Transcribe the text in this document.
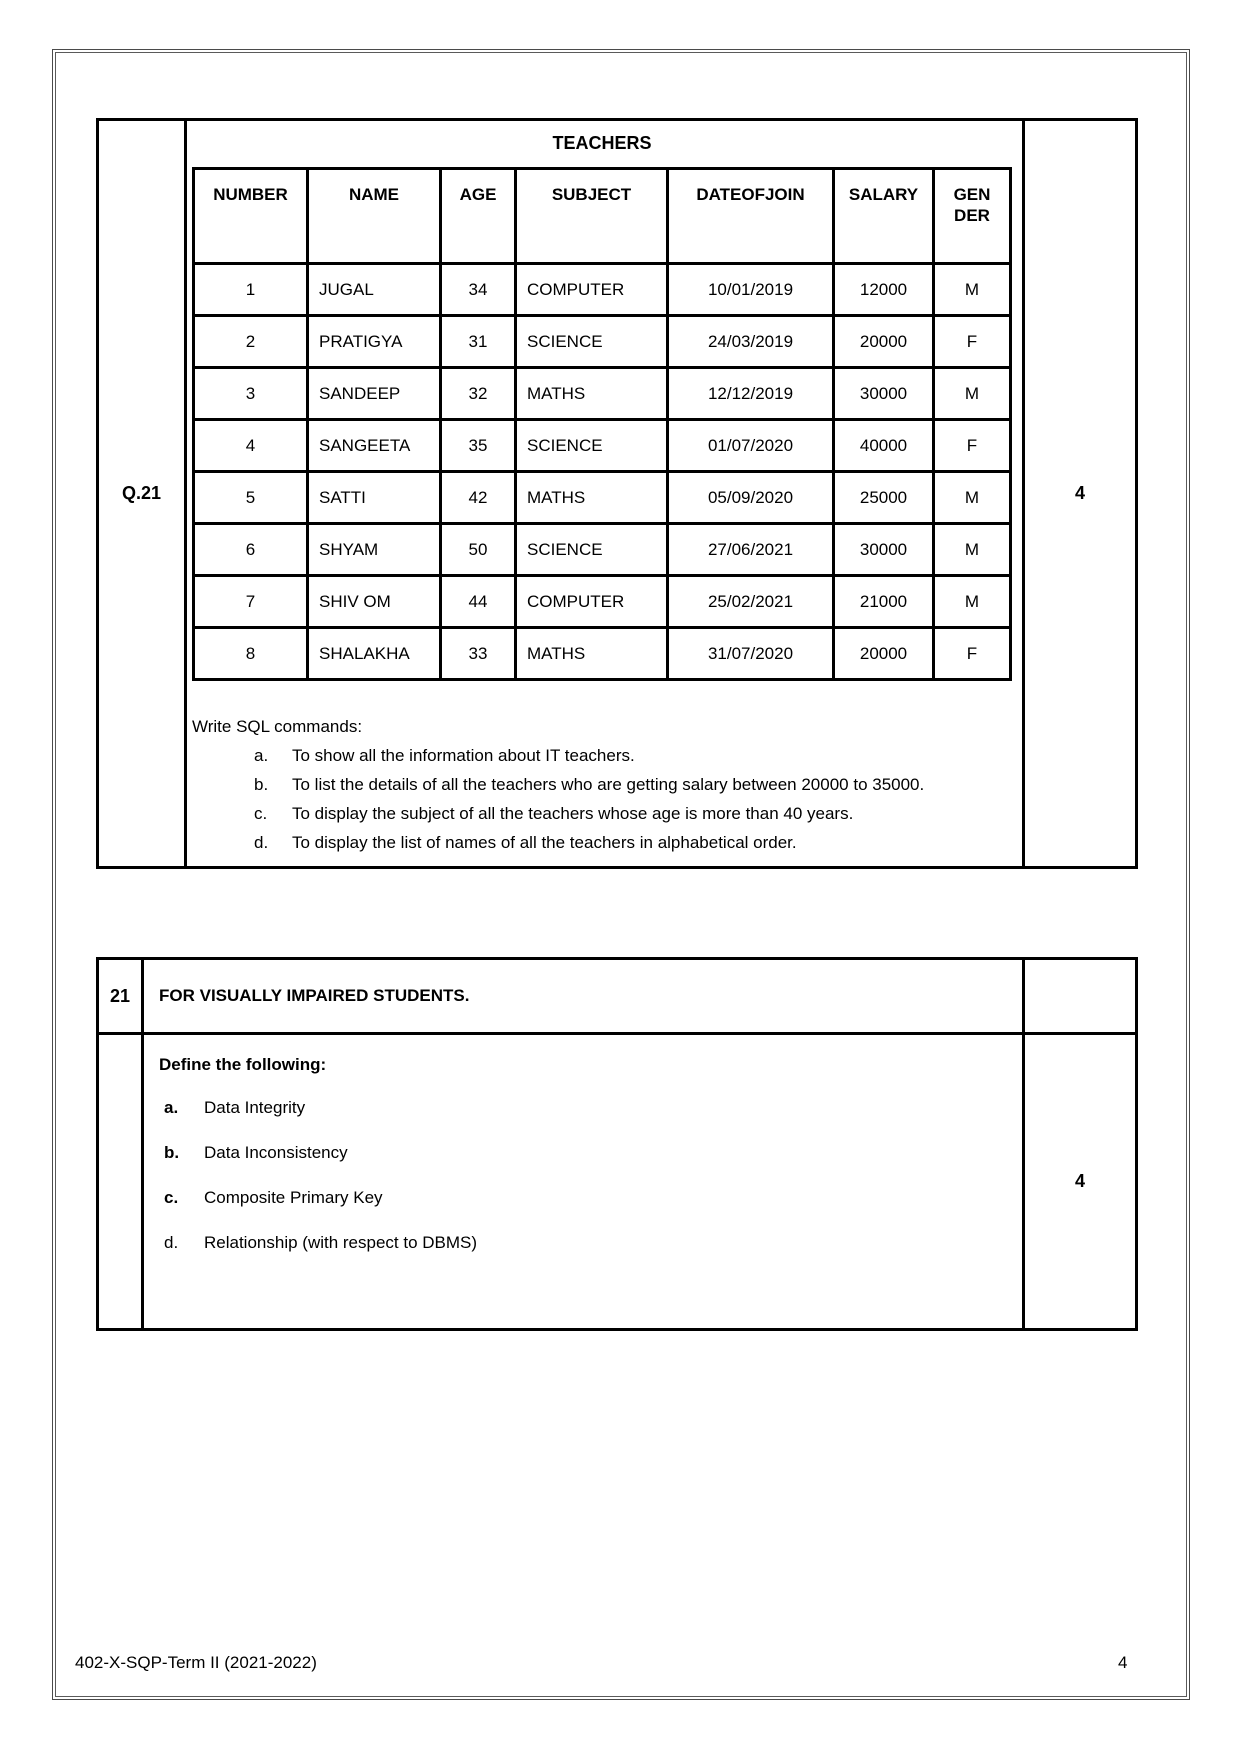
Q.21
TEACHERS
NUMBER	NAME	AGE	SUBJECT	DATEOFJOIN	SALARY	GEN DER
1	JUGAL	34	COMPUTER	10/01/2019	12000	M
2	PRATIGYA	31	SCIENCE	24/03/2019	20000	F
3	SANDEEP	32	MATHS	12/12/2019	30000	M
4	SANGEETA	35	SCIENCE	01/07/2020	40000	F
5	SATTI	42	MATHS	05/09/2020	25000	M
6	SHYAM	50	SCIENCE	27/06/2021	30000	M
7	SHIV OM	44	COMPUTER	25/02/2021	21000	M
8	SHALAKHA	33	MATHS	31/07/2020	20000	F
Write SQL commands:
a.	To show all the information about IT teachers.
b.	To list the details of all the teachers who are getting salary between 20000 to 35000.
c.	To display the subject of all the teachers whose age is more than 40 years.
d.	To display the list of names of all the teachers in alphabetical order.
4
21 FOR VISUALLY IMPAIRED STUDENTS.
Define the following:
a.	Data Integrity
b.	Data Inconsistency
c.	Composite Primary Key
d.	Relationship (with respect to DBMS)
4
402-X-SQP-Term II (2021-2022)	4
